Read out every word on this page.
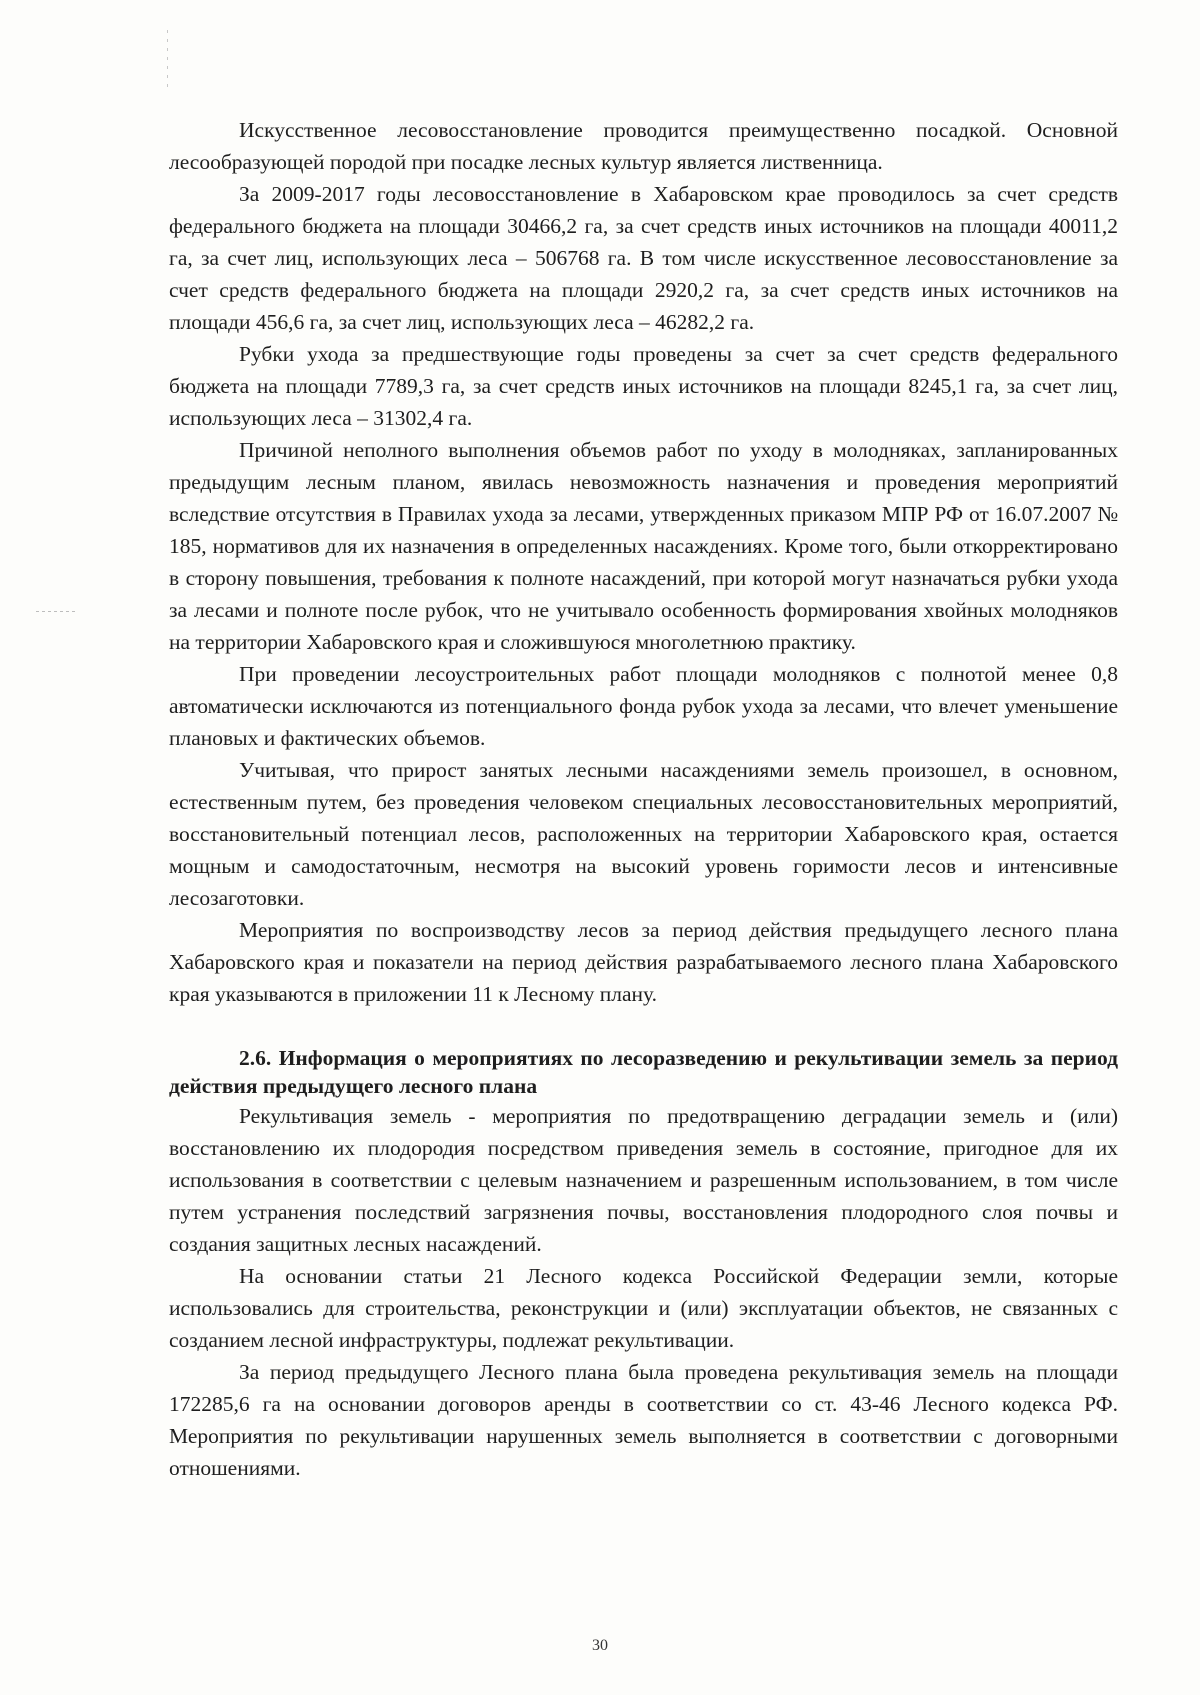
Искусственное лесовосстановление проводится преимущественно посадкой. Основной лесообразующей породой при посадке лесных культур является лиственница.

За 2009-2017 годы лесовосстановление в Хабаровском крае проводилось за счет средств федерального бюджета на площади 30466,2 га, за счет средств иных источников на площади 40011,2 га, за счет лиц, использующих леса – 506768 га. В том числе искусственное лесовосстановление за счет средств федерального бюджета на площади 2920,2 га, за счет средств иных источников на площади 456,6 га, за счет лиц, использующих леса – 46282,2 га.

Рубки ухода за предшествующие годы проведены за счет за счет средств федерального бюджета на площади 7789,3 га, за счет средств иных источников на площади 8245,1 га, за счет лиц, использующих леса – 31302,4 га.

Причиной неполного выполнения объемов работ по уходу в молодняках, запланированных предыдущим лесным планом, явилась невозможность назначения и проведения мероприятий вследствие отсутствия в Правилах ухода за лесами, утвержденных приказом МПР РФ от 16.07.2007 № 185, нормативов для их назначения в определенных насаждениях. Кроме того, были откорректировано в сторону повышения, требования к полноте насаждений, при которой могут назначаться рубки ухода за лесами и полноте после рубок, что не учитывало особенность формирования хвойных молодняков на территории Хабаровского края и сложившуюся многолетнюю практику.

При проведении лесоустроительных работ площади молодняков с полнотой менее 0,8 автоматически исключаются из потенциального фонда рубок ухода за лесами, что влечет уменьшение плановых и фактических объемов.

Учитывая, что прирост занятых лесными насаждениями земель произошел, в основном, естественным путем, без проведения человеком специальных лесовосстановительных мероприятий, восстановительный потенциал лесов, расположенных на территории Хабаровского края, остается мощным и самодостаточным, несмотря на высокий уровень горимости лесов и интенсивные лесозаготовки.

Мероприятия по воспроизводству лесов за период действия предыдущего лесного плана Хабаровского края и показатели на период действия разрабатываемого лесного плана Хабаровского края указываются в приложении 11 к Лесному плану.

2.6. Информация о мероприятиях по лесоразведению и рекультивации земель за период действия предыдущего лесного плана

Рекультивация земель - мероприятия по предотвращению деградации земель и (или) восстановлению их плодородия посредством приведения земель в состояние, пригодное для их использования в соответствии с целевым назначением и разрешенным использованием, в том числе путем устранения последствий загрязнения почвы, восстановления плодородного слоя почвы и создания защитных лесных насаждений.

На основании статьи 21 Лесного кодекса Российской Федерации земли, которые использовались для строительства, реконструкции и (или) эксплуатации объектов, не связанных с созданием лесной инфраструктуры, подлежат рекультивации.

За период предыдущего Лесного плана была проведена рекультивация земель на площади 172285,6 га на основании договоров аренды в соответствии со ст. 43-46 Лесного кодекса РФ. Мероприятия по рекультивации нарушенных земель выполняется в соответствии с договорными отношениями.

30
